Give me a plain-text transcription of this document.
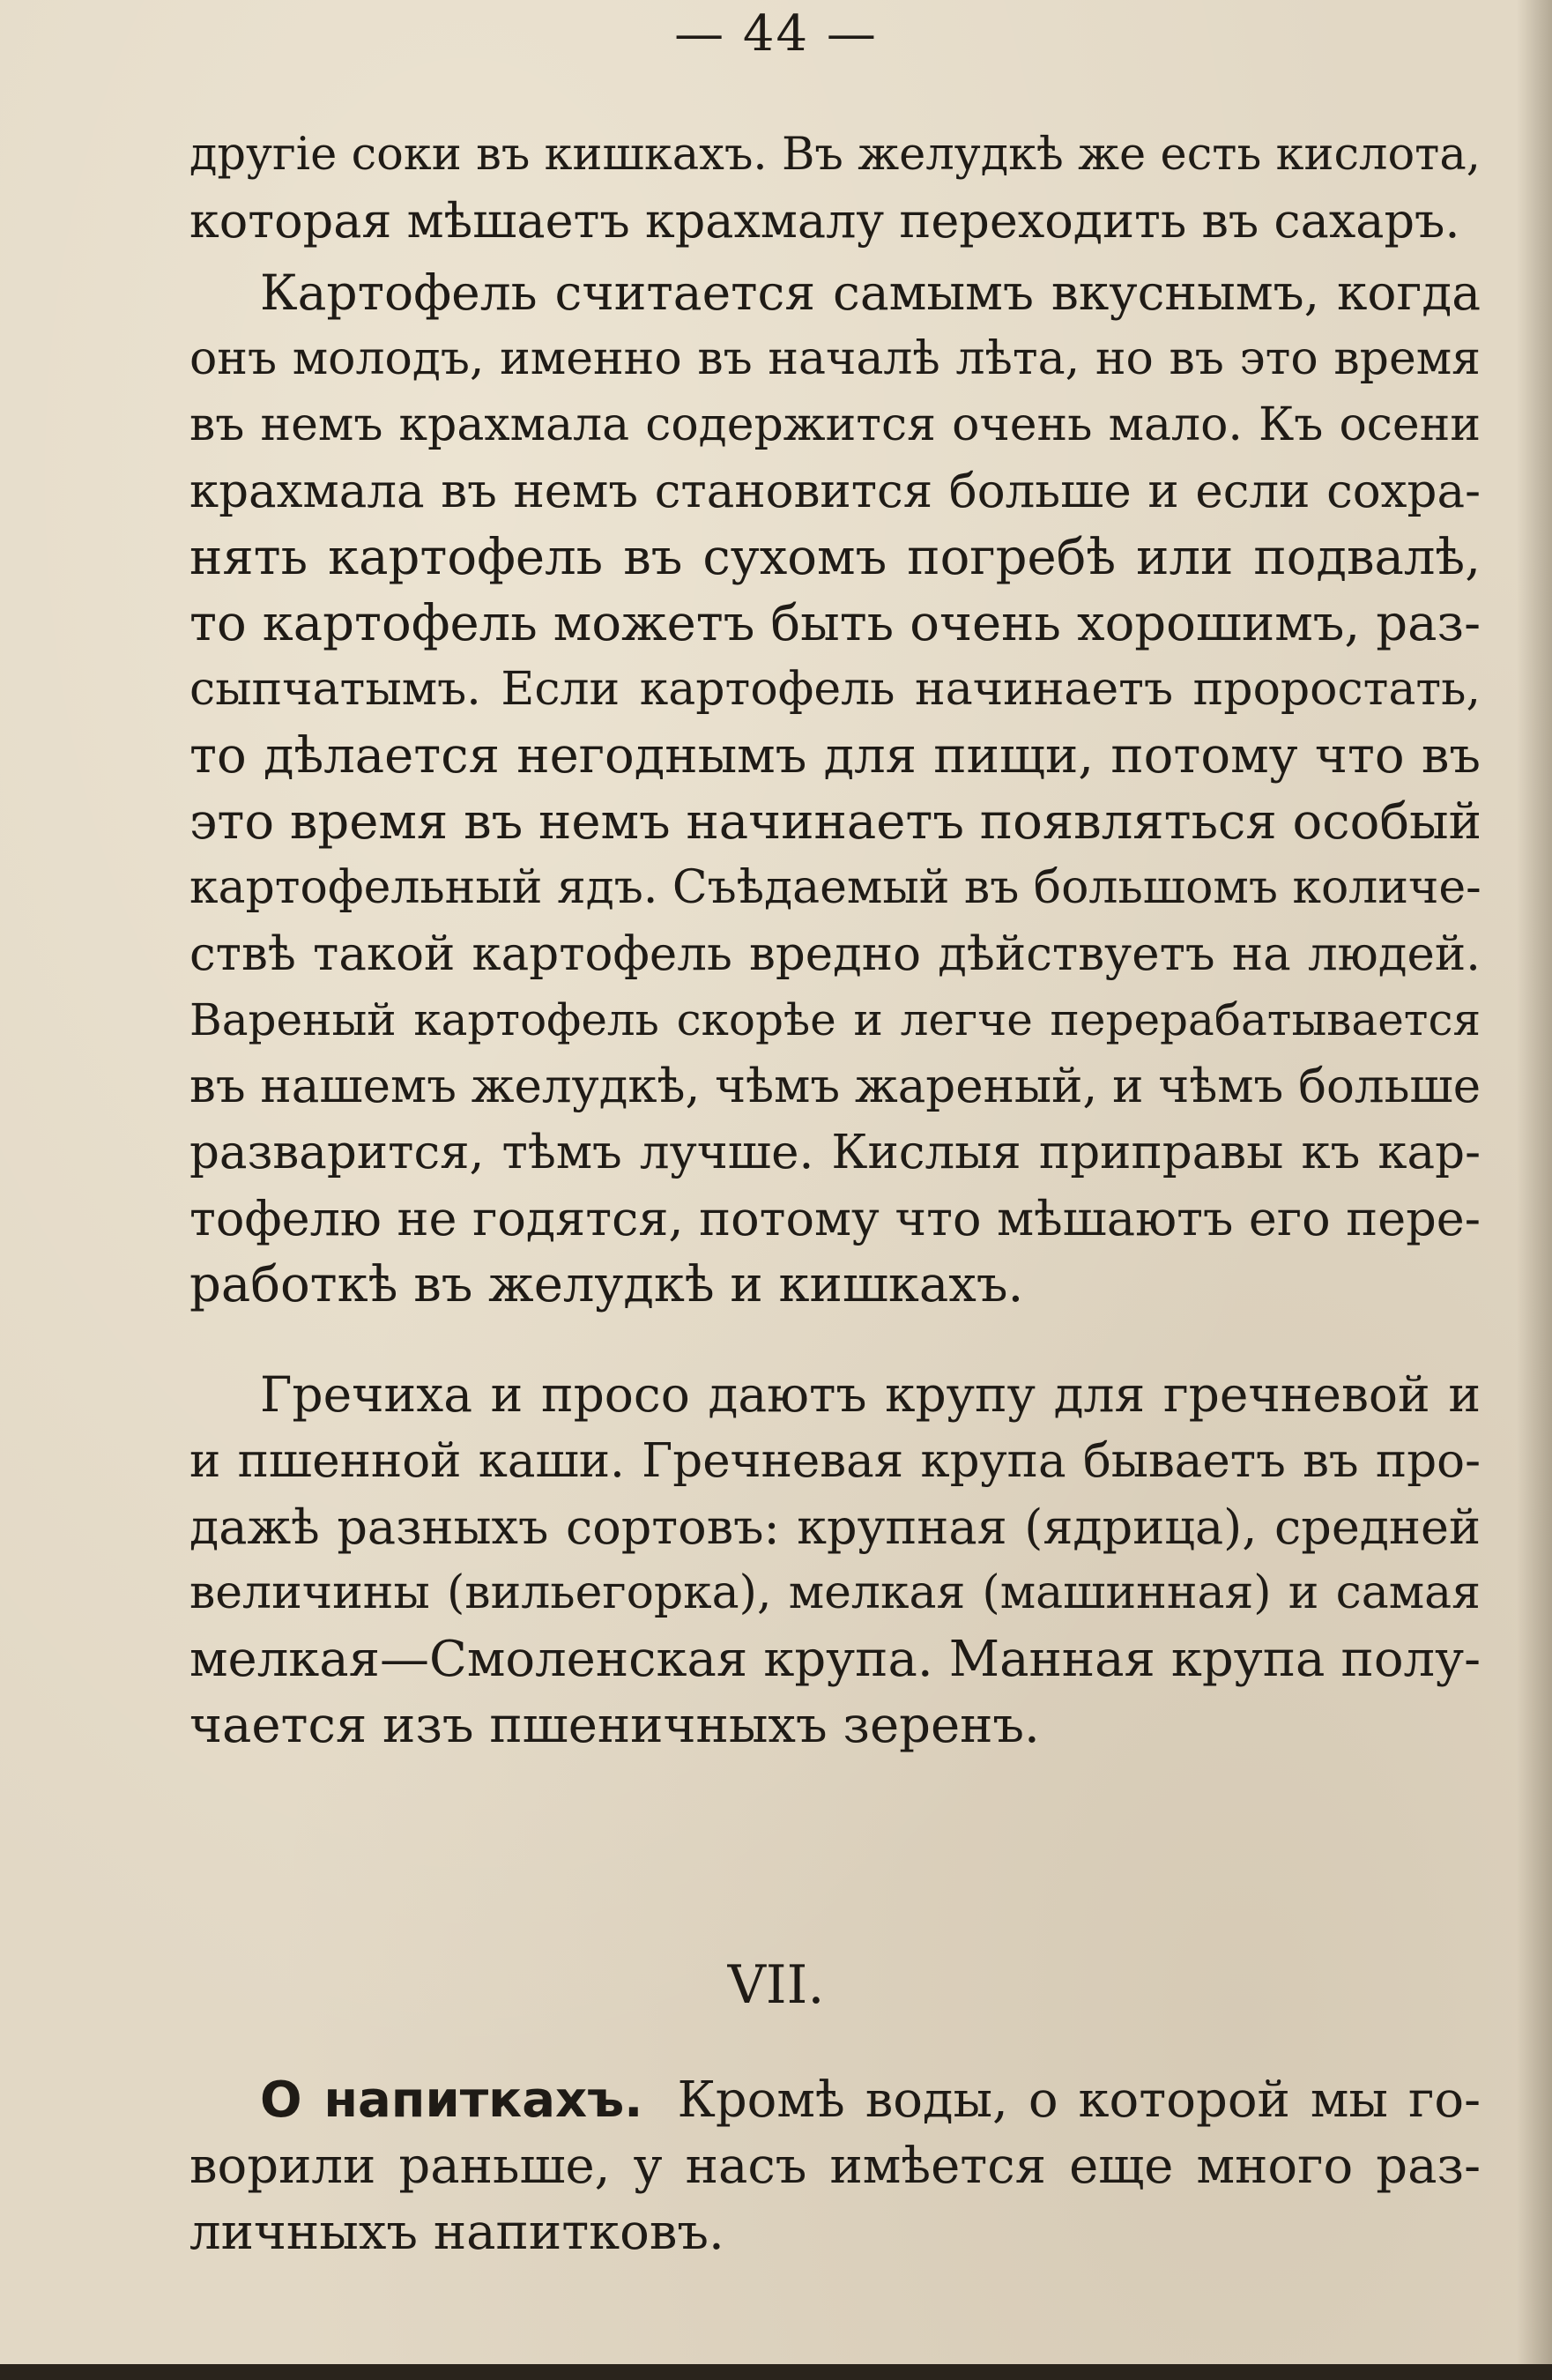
— 44 —
другіе соки въ кишкахъ. Въ желудкѣ же есть кислота,
которая мѣшаетъ крахмалу переходить въ сахаръ.
Картофель считается самымъ вкуснымъ, когда
онъ молодъ, именно въ началѣ лѣта, но въ это время
въ немъ крахмала содержится очень мало. Къ осени
крахмала въ немъ становится больше и если сохра-
нять картофель въ сухомъ погребѣ или подвалѣ,
то картофель можетъ быть очень хорошимъ, раз-
сыпчатымъ. Если картофель начинаетъ проростать,
то дѣлается негоднымъ для пищи, потому что въ
это время въ немъ начинаетъ появляться особый
картофельный ядъ. Съѣдаемый въ большомъ количе-
ствѣ такой картофель вредно дѣйствуетъ на людей.
Вареный картофель скорѣе и легче перерабатывается
въ нашемъ желудкѣ, чѣмъ жареный, и чѣмъ больше
разварится, тѣмъ лучше. Кислыя приправы къ кар-
тофелю не годятся, потому что мѣшаютъ его пере-
работкѣ въ желудкѣ и кишкахъ.
Гречиха и просо даютъ крупу для гречневой и
и пшенной каши. Гречневая крупа бываетъ въ про-
дажѣ разныхъ сортовъ: крупная (ядрица), средней
величины (вильегорка), мелкая (машинная) и самая
мелкая—Смоленская крупа. Манная крупа полу-
чается изъ пшеничныхъ зеренъ.
VII.
О напиткахъ. Кромѣ воды, о которой мы го-
ворили раньше, у насъ имѣется еще много раз-
личныхъ напитковъ.
